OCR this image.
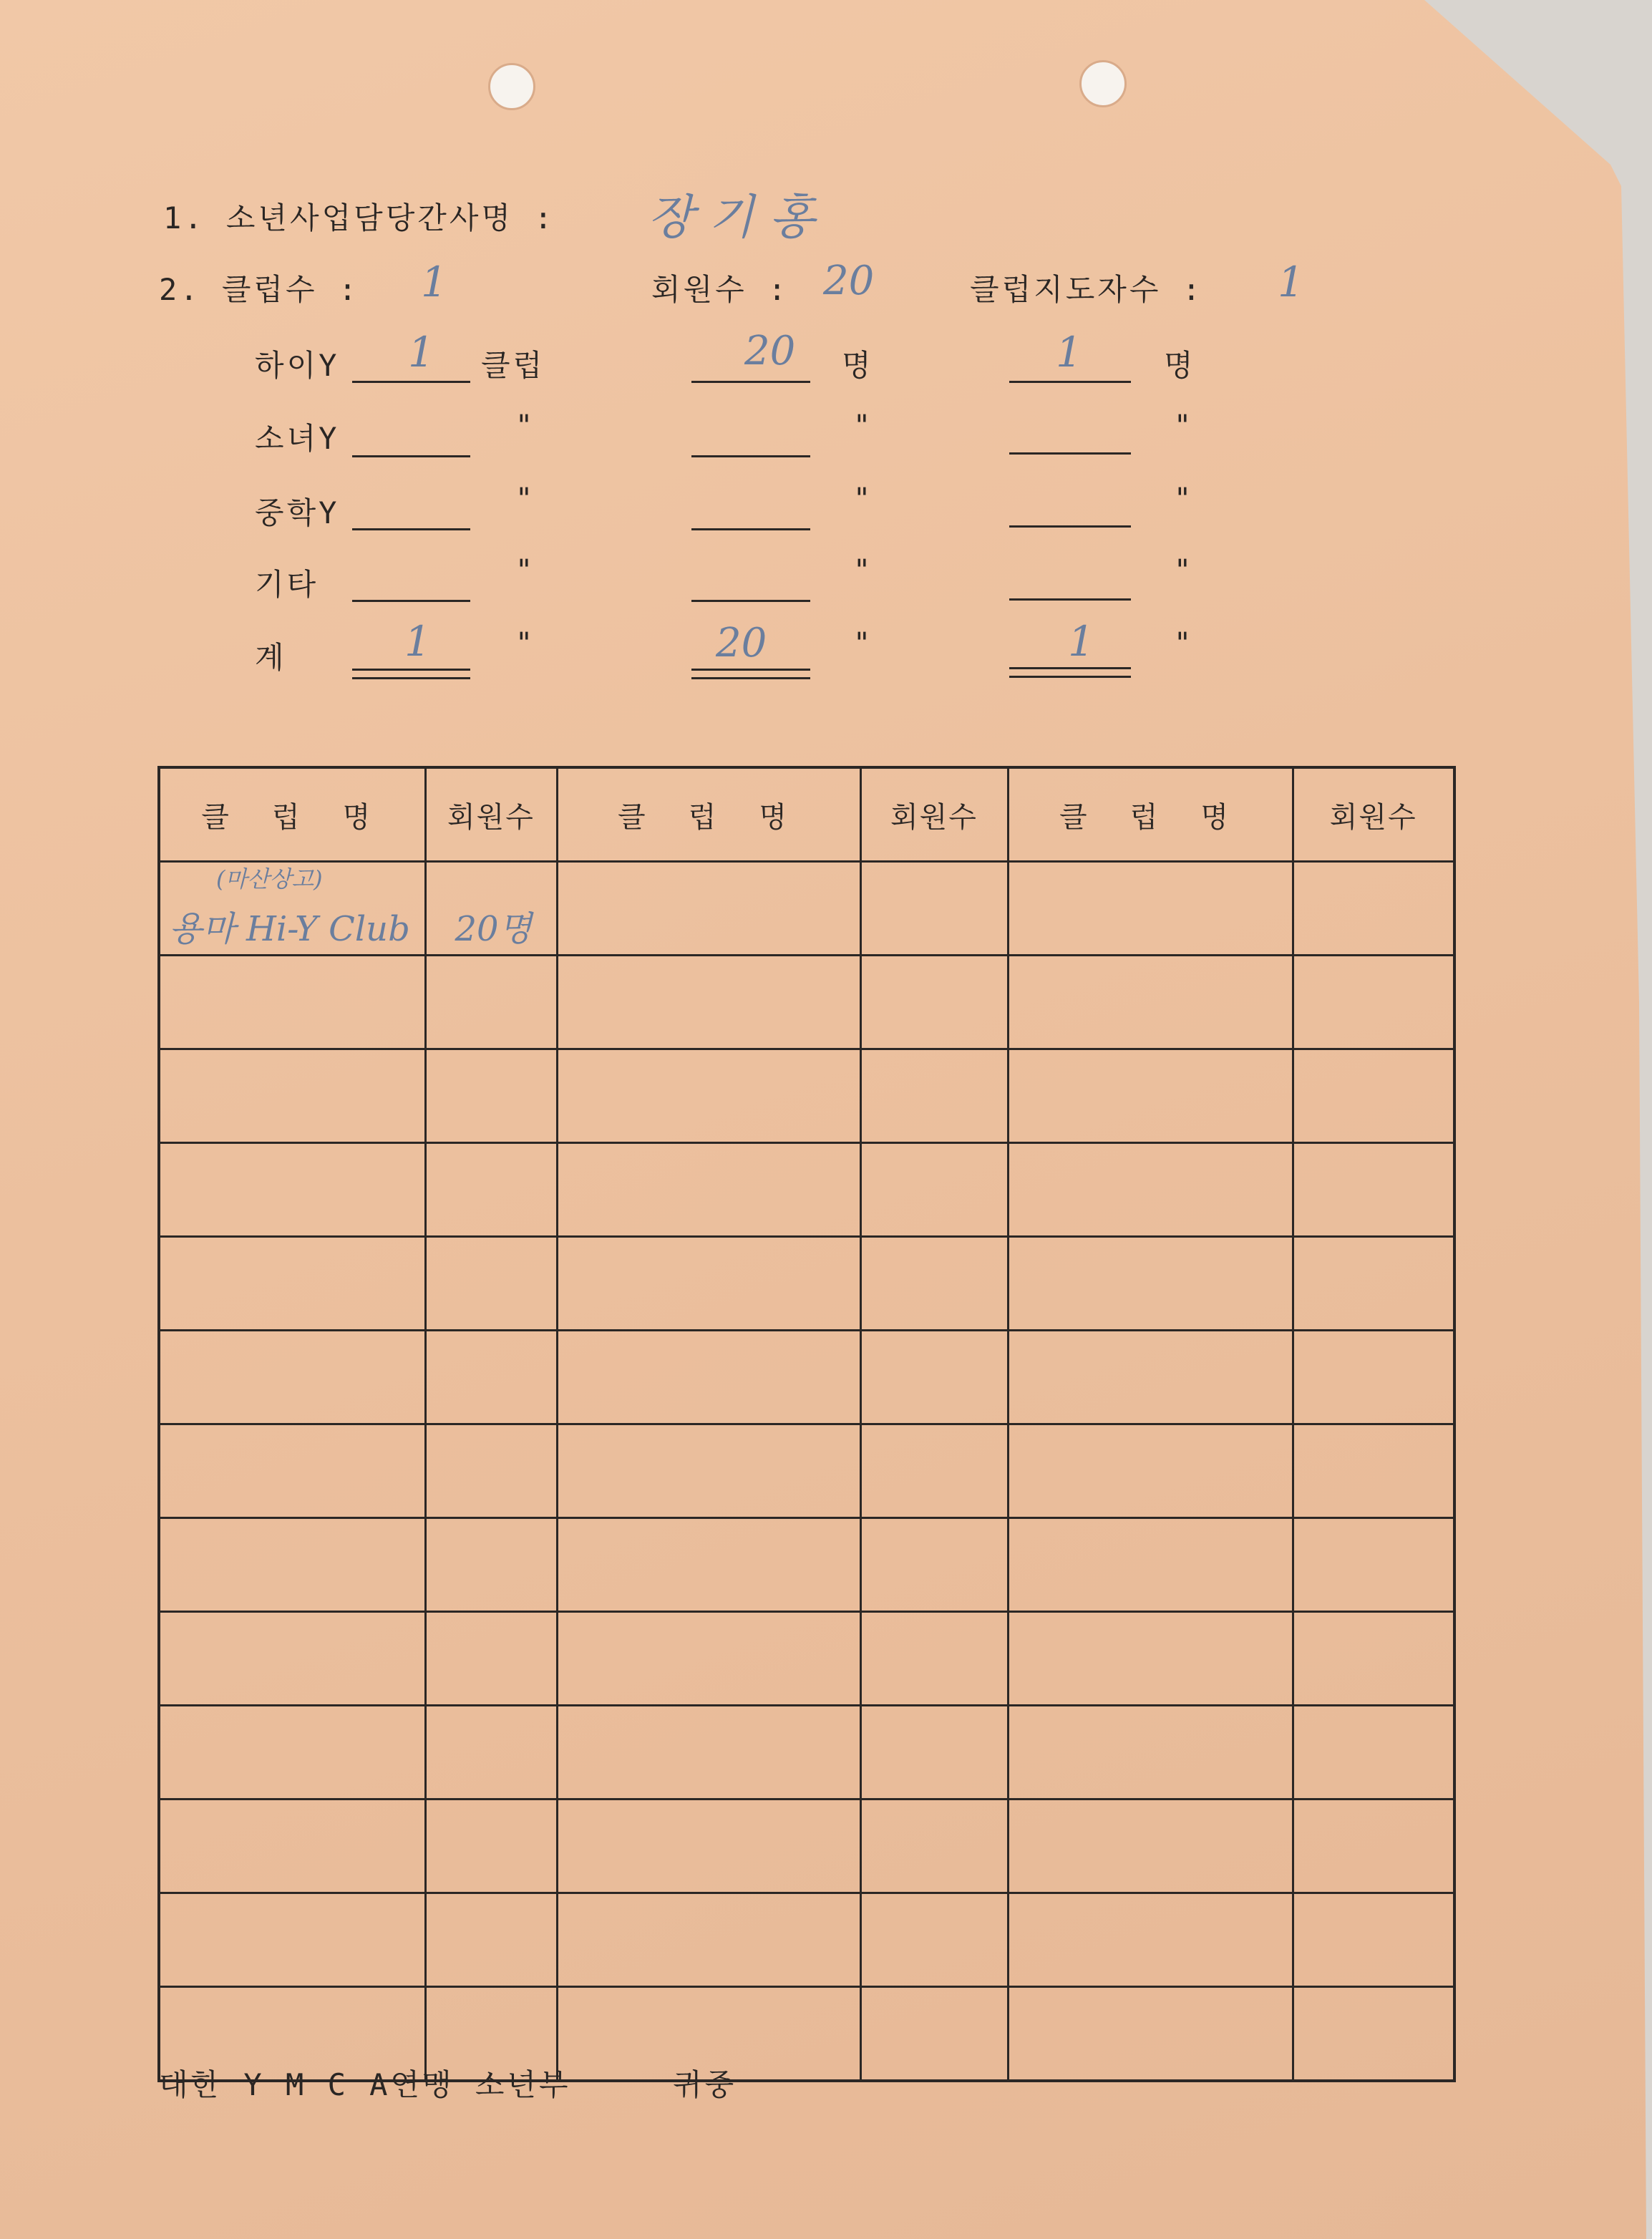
1. 소년사업담당간사명 : 장 기 홍
2. 클럽수 : 1	회원수 : 20	클럽지도자수 : 1
하이Y 1 클럽	20 명	1	명
소녀Y	"	"	"
중학Y	"	"	"
기타	"	"	"
계	1	"	20	"	1	"
클 럽 명	회원수	클 럽 명	회원수	클 럽 명	회원수

(마산상고)
용마 Hi-Y Club	20명				

대한 Y M C A연맹 소년부	귀중
